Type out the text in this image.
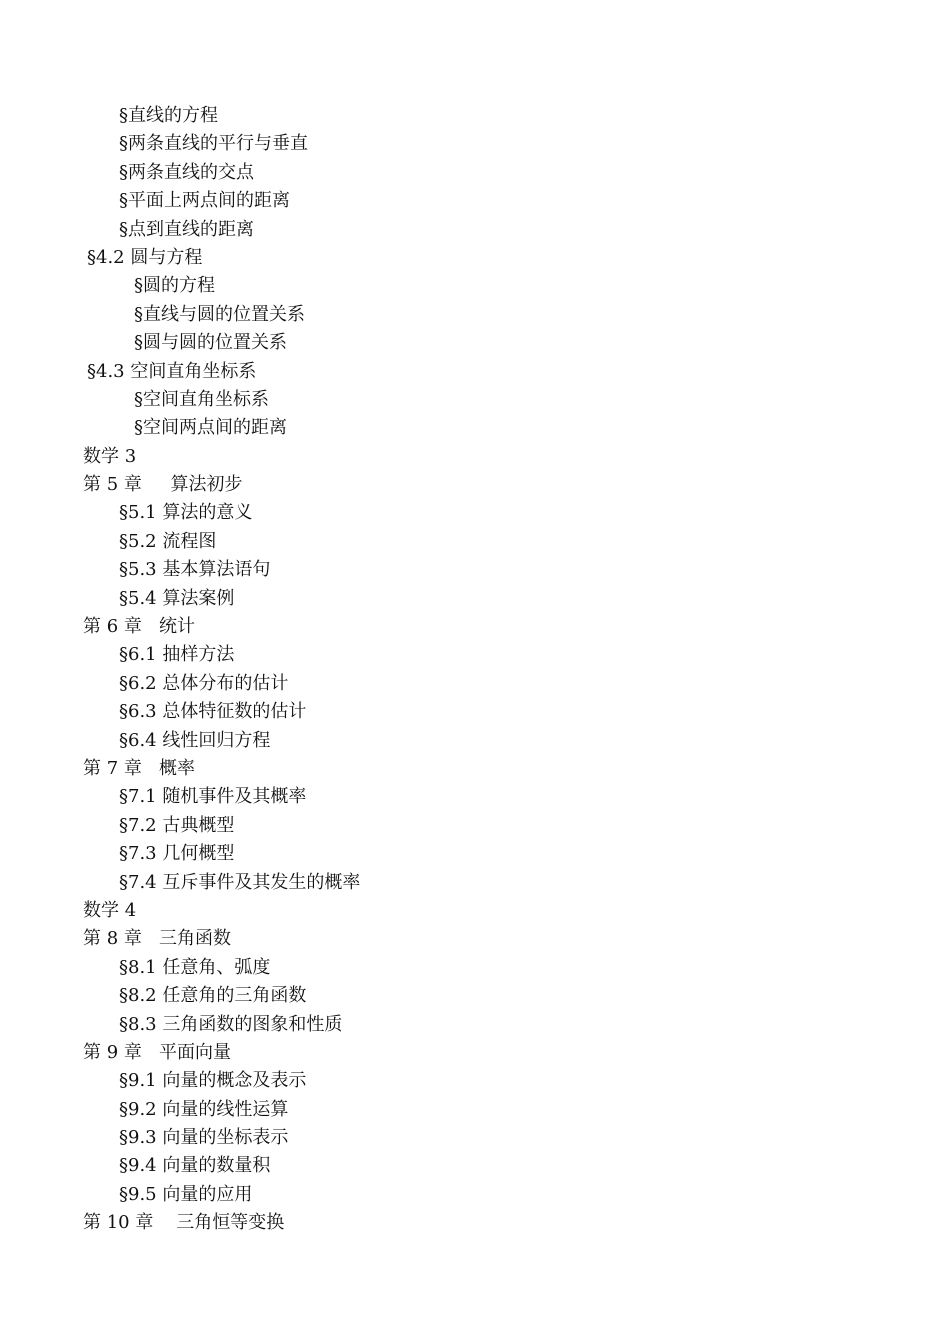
§直线的方程
§两条直线的平行与垂直
§两条直线的交点
§平面上两点间的距离
§点到直线的距离
§4.2 圆与方程
§圆的方程
§直线与圆的位置关系
§圆与圆的位置关系
§4.3 空间直角坐标系
§空间直角坐标系
§空间两点间的距离
数学 3
第 5 章     算法初步
§5.1 算法的意义
§5.2 流程图
§5.3 基本算法语句
§5.4 算法案例
第 6 章   统计
§6.1 抽样方法
§6.2 总体分布的估计
§6.3 总体特征数的估计
§6.4 线性回归方程
第 7 章   概率
§7.1 随机事件及其概率
§7.2 古典概型
§7.3 几何概型
§7.4 互斥事件及其发生的概率
数学 4
第 8 章   三角函数
§8.1 任意角、弧度
§8.2 任意角的三角函数
§8.3 三角函数的图象和性质
第 9 章   平面向量
§9.1 向量的概念及表示
§9.2 向量的线性运算
§9.3 向量的坐标表示
§9.4 向量的数量积
§9.5 向量的应用
第 10 章    三角恒等变换
